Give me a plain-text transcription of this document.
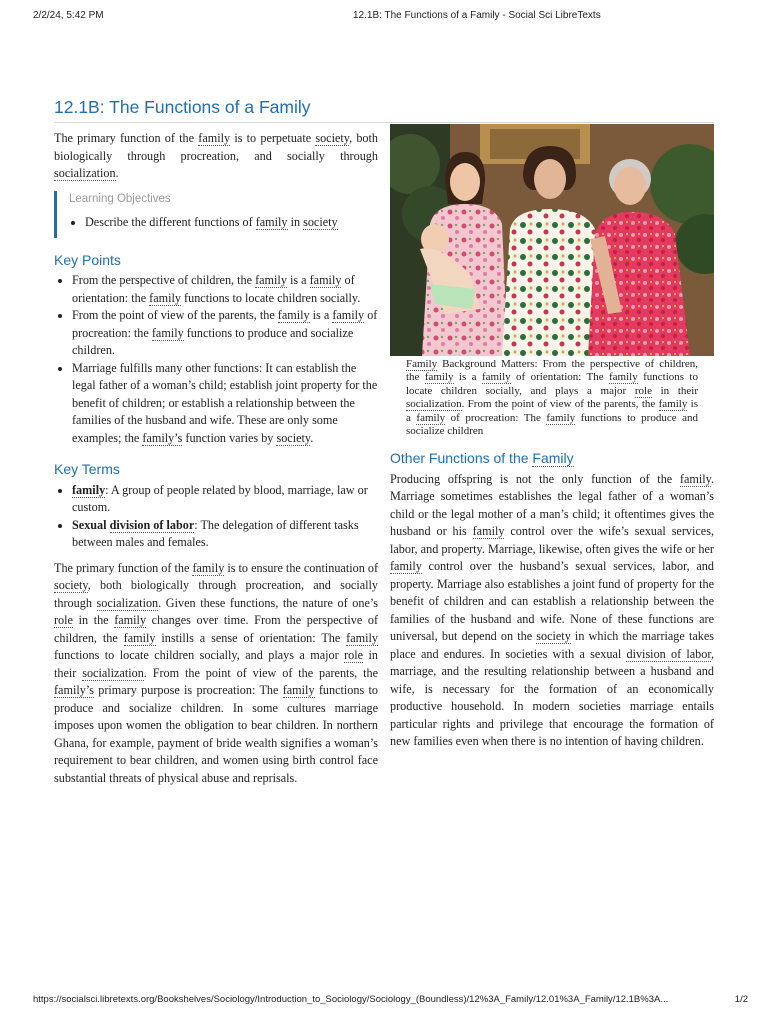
2/2/24, 5:42 PM	12.1B: The Functions of a Family - Social Sci LibreTexts
12.1B: The Functions of a Family

The primary function of the family is to perpetuate society, both biologically through procreation, and socially through socialization.

Learning Objectives
• Describe the different functions of family in society
Key Points
• From the perspective of children, the family is a family of orientation: the family functions to locate children socially.
• From the point of view of the parents, the family is a family of procreation: the family functions to produce and socialize children.
• Marriage fulfills many other functions: It can establish the legal father of a woman’s child; establish joint property for the benefit of children; or establish a relationship between the families of the husband and wife. These are only some examples; the family’s function varies by society.
Key Terms
• family: A group of people related by blood, marriage, law or custom.
• Sexual division of labor: The delegation of different tasks between males and females.

The primary function of the family is to ensure the continuation of society, both biologically through procreation, and socially through socialization. Given these functions, the nature of one’s role in the family changes over time. From the perspective of children, the family instills a sense of orientation: The family functions to locate children socially, and plays a major role in their socialization. From the point of view of the parents, the family’s primary purpose is procreation: The family functions to produce and socialize children. In some cultures marriage imposes upon women the obligation to bear children. In northern Ghana, for example, payment of bride wealth signifies a woman’s requirement to bear children, and women using birth control face substantial threats of physical abuse and reprisals.

Family Background Matters: From the perspective of children, the family is a family of orientation: The family functions to locate children socially, and plays a major role in their socialization. From the point of view of the parents, the family is a family of procreation: The family functions to produce and socialize children

Other Functions of the Family

Producing offspring is not the only function of the family. Marriage sometimes establishes the legal father of a woman’s child or the legal mother of a man’s child; it oftentimes gives the husband or his family control over the wife’s sexual services, labor, and property. Marriage, likewise, often gives the wife or her family control over the husband’s sexual services, labor, and property. Marriage also establishes a joint fund of property for the benefit of children and can establish a relationship between the families of the husband and wife. None of these functions are universal, but depend on the society in which the marriage takes place and endures. In societies with a sexual division of labor, marriage, and the resulting relationship between a husband and wife, is necessary for the formation of an economically productive household. In modern societies marriage entails particular rights and privilege that encourage the formation of new families even when there is no intention of having children.

https://socialsci.libretexts.org/Bookshelves/Sociology/Introduction_to_Sociology/Sociology_(Boundless)/12%3A_Family/12.01%3A_Family/12.1B%3A...	1/2
